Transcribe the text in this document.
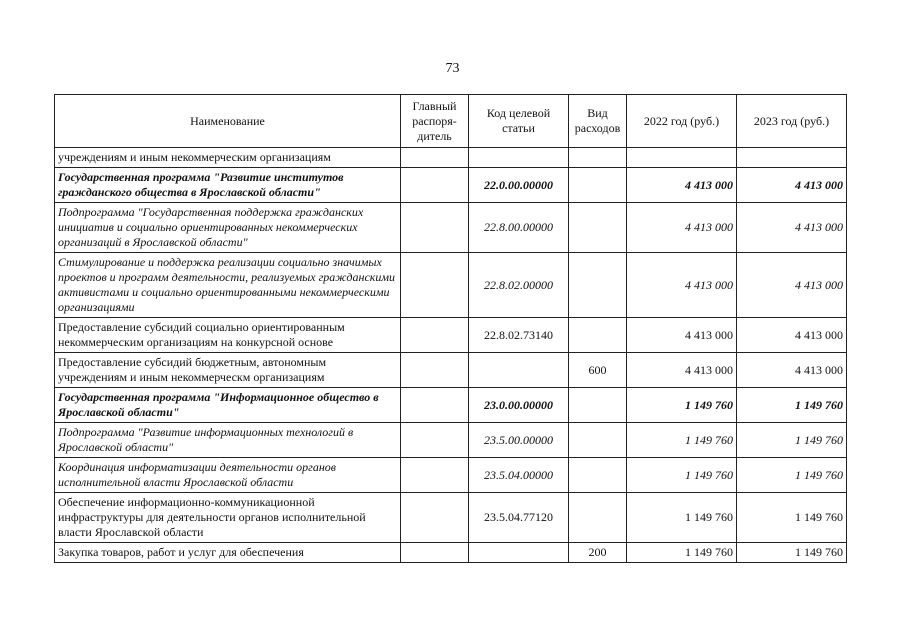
73
Наименование	Главный распоря-дитель	Код целевой статьи	Вид расходов	2022 год (руб.)	2023 год (руб.)
учреждениям и иным некоммерческим организациям					
Государственная программа "Развитие институтов гражданского общества в Ярославской области"		22.0.00.00000		4 413 000	4 413 000
Подпрограмма "Государственная поддержка гражданских инициатив и социально ориентированных некоммерческих организаций в Ярославской области"		22.8.00.00000		4 413 000	4 413 000
Стимулирование и поддержка реализации социально значимых проектов и программ деятельности, реализуемых гражданскими активистами и социально ориентированными некоммерческими организациями		22.8.02.00000		4 413 000	4 413 000
Предоставление субсидий социально ориентированным некоммерческим организациям на конкурсной основе		22.8.02.73140		4 413 000	4 413 000
Предоставление субсидий бюджетным, автономным учреждениям и иным некоммерческм организациям			600	4 413 000	4 413 000
Государственная программа "Информационное общество в Ярославской области"		23.0.00.00000		1 149 760	1 149 760
Подпрограмма "Развитие информационных технологий в Ярославской области"		23.5.00.00000		1 149 760	1 149 760
Координация информатизации деятельности органов исполнительной власти Ярославской области		23.5.04.00000		1 149 760	1 149 760
Обеспечение информационно-коммуникационной инфраструктуры для деятельности органов исполнительной власти Ярославской области		23.5.04.77120		1 149 760	1 149 760
Закупка товаров, работ и услуг для обеспечения			200	1 149 760	1 149 760
